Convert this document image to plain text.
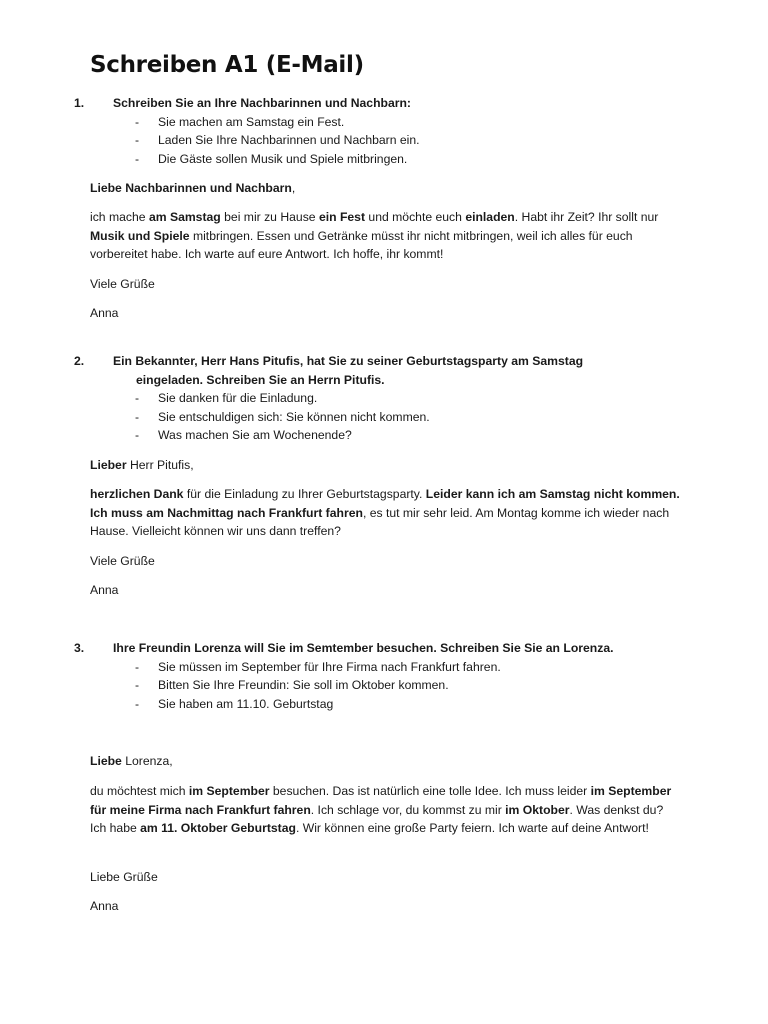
Schreiben A1 (E-Mail)
1. Schreiben Sie an Ihre Nachbarinnen und Nachbarn:
- Sie machen am Samstag ein Fest.
- Laden Sie Ihre Nachbarinnen und Nachbarn ein.
- Die Gäste sollen Musik und Spiele mitbringen.

Liebe Nachbarinnen und Nachbarn,

ich mache am Samstag bei mir zu Hause ein Fest und möchte euch einladen. Habt ihr Zeit? Ihr sollt nur Musik und Spiele mitbringen. Essen und Getränke müsst ihr nicht mitbringen, weil ich alles für euch vorbereitet habe. Ich warte auf eure Antwort. Ich hoffe, ihr kommt!

Viele Grüße

Anna

2. Ein Bekannter, Herr Hans Pitufis, hat Sie zu seiner Geburtstagsparty am Samstag
eingeladen. Schreiben Sie an Herrn Pitufis.
- Sie danken für die Einladung.
- Sie entschuldigen sich: Sie können nicht kommen.
- Was machen Sie am Wochenende?

Lieber Herr Pitufis,

herzlichen Dank für die Einladung zu Ihrer Geburtstagsparty. Leider kann ich am Samstag nicht kommen. Ich muss am Nachmittag nach Frankfurt fahren, es tut mir sehr leid. Am Montag komme ich wieder nach Hause. Vielleicht können wir uns dann treffen?

Viele Grüße

Anna

3. Ihre Freundin Lorenza will Sie im Semtember besuchen. Schreiben Sie Sie an Lorenza.
- Sie müssen im September für Ihre Firma nach Frankfurt fahren.
- Bitten Sie Ihre Freundin: Sie soll im Oktober kommen.
- Sie haben am 11.10. Geburtstag

Liebe Lorenza,

du möchtest mich im September besuchen. Das ist natürlich eine tolle Idee. Ich muss leider im September für meine Firma nach Frankfurt fahren. Ich schlage vor, du kommst zu mir im Oktober. Was denkst du? Ich habe am 11. Oktober Geburtstag. Wir können eine große Party feiern. Ich warte auf deine Antwort!

Liebe Grüße

Anna
